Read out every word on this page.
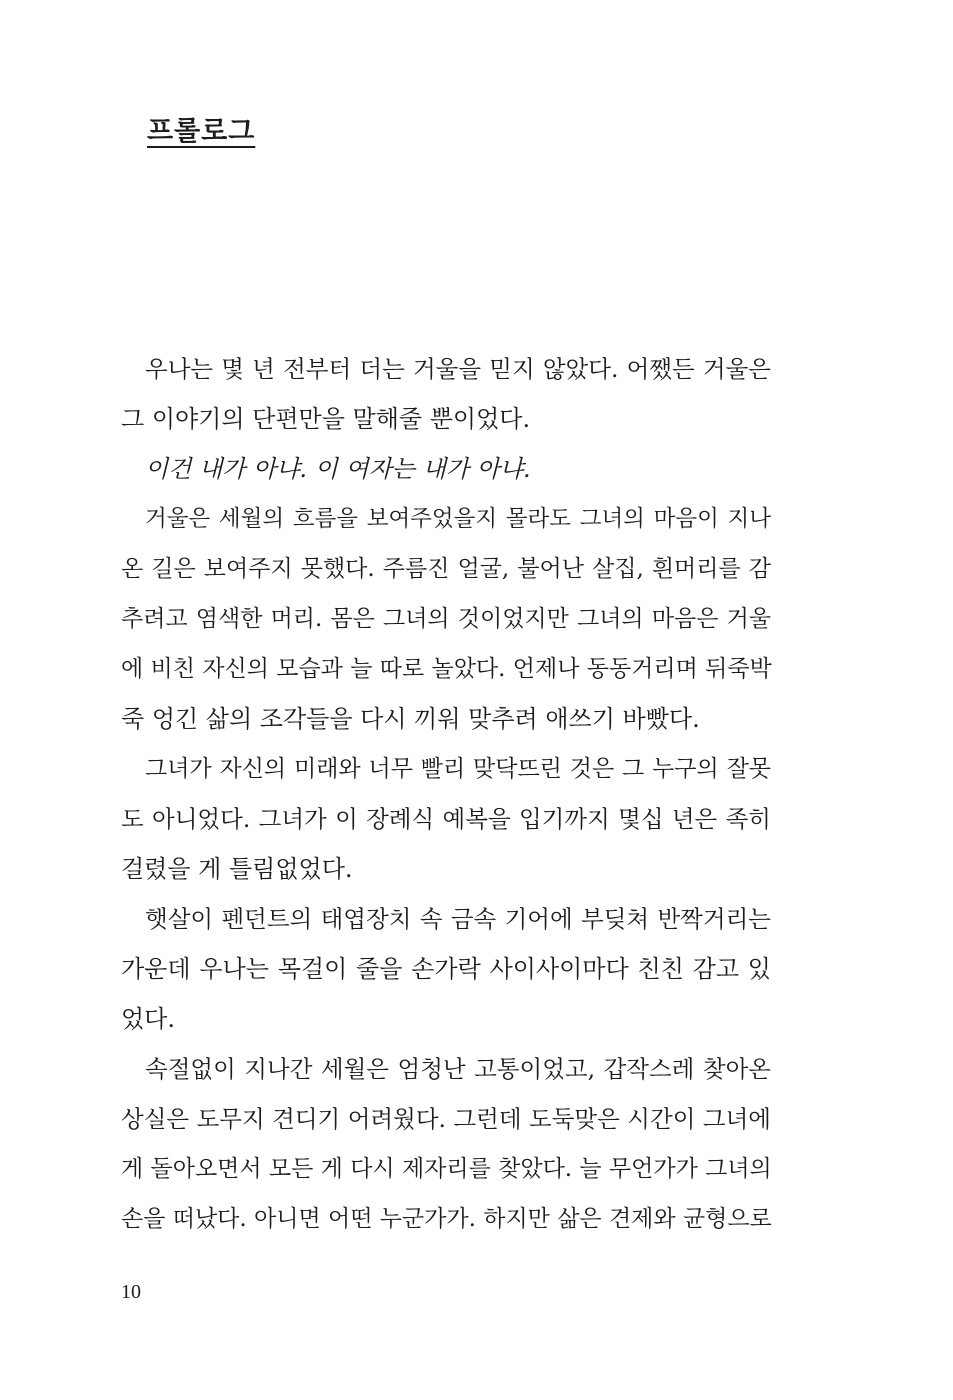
프롤로그
우나는 몇 년 전부터 더는 거울을 믿지 않았다. 어쨌든 거울은
그 이야기의 단편만을 말해줄 뿐이었다.
이건 내가 아냐. 이 여자는 내가 아냐.
거울은 세월의 흐름을 보여주었을지 몰라도 그녀의 마음이 지나
온 길은 보여주지 못했다. 주름진 얼굴, 불어난 살집, 흰머리를 감
추려고 염색한 머리. 몸은 그녀의 것이었지만 그녀의 마음은 거울
에 비친 자신의 모습과 늘 따로 놀았다. 언제나 동동거리며 뒤죽박
죽 엉긴 삶의 조각들을 다시 끼워 맞추려 애쓰기 바빴다.
그녀가 자신의 미래와 너무 빨리 맞닥뜨린 것은 그 누구의 잘못
도 아니었다. 그녀가 이 장례식 예복을 입기까지 몇십 년은 족히
걸렸을 게 틀림없었다.
햇살이 펜던트의 태엽장치 속 금속 기어에 부딪쳐 반짝거리는
가운데 우나는 목걸이 줄을 손가락 사이사이마다 친친 감고 있
었다.
속절없이 지나간 세월은 엄청난 고통이었고, 갑작스레 찾아온
상실은 도무지 견디기 어려웠다. 그런데 도둑맞은 시간이 그녀에
게 돌아오면서 모든 게 다시 제자리를 찾았다. 늘 무언가가 그녀의
손을 떠났다. 아니면 어떤 누군가가. 하지만 삶은 견제와 균형으로

10
